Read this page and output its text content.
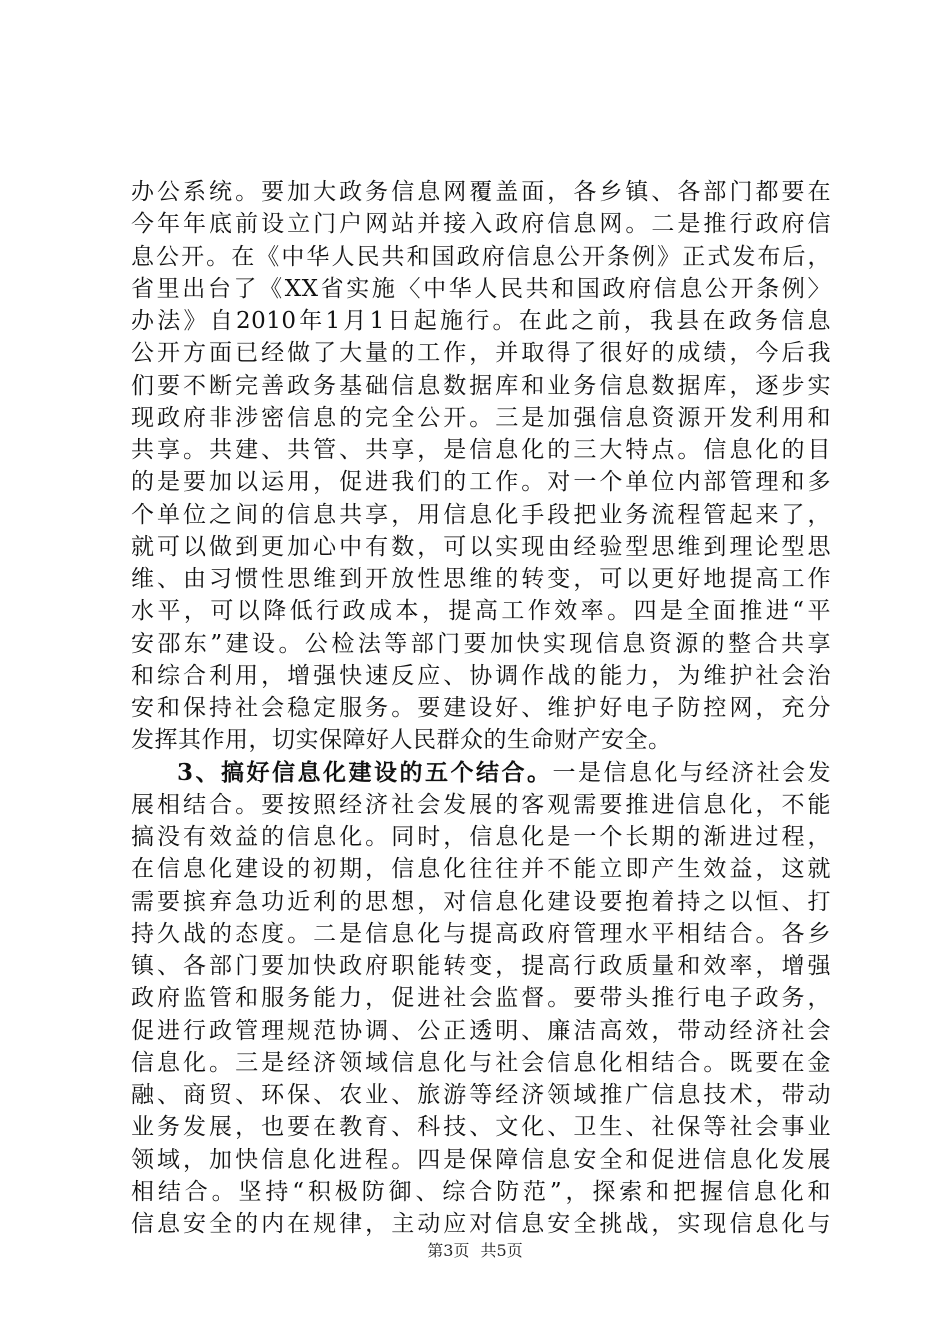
办公系统。要加大政务信息网覆盖面，各乡镇、各部门都要在
今年年底前设立门户网站并接入政府信息网。二是推行政府信
息公开。在《中华人民共和国政府信息公开条例》正式发布后，
省里出台了《XX省实施〈中华人民共和国政府信息公开条例〉
办法》自2010年1月1日起施行。在此之前，我县在政务信息
公开方面已经做了大量的工作，并取得了很好的成绩，今后我
们要不断完善政务基础信息数据库和业务信息数据库，逐步实
现政府非涉密信息的完全公开。三是加强信息资源开发利用和
共享。共建、共管、共享，是信息化的三大特点。信息化的目
的是要加以运用，促进我们的工作。对一个单位内部管理和多
个单位之间的信息共享，用信息化手段把业务流程管起来了，
就可以做到更加心中有数，可以实现由经验型思维到理论型思
维、由习惯性思维到开放性思维的转变，可以更好地提高工作
水平，可以降低行政成本，提高工作效率。四是全面推进“平
安邵东”建设。公检法等部门要加快实现信息资源的整合共享
和综合利用，增强快速反应、协调作战的能力，为维护社会治
安和保持社会稳定服务。要建设好、维护好电子防控网，充分
发挥其作用，切实保障好人民群众的生命财产安全。
3、搞好信息化建设的五个结合。一是信息化与经济社会发
展相结合。要按照经济社会发展的客观需要推进信息化，不能
搞没有效益的信息化。同时，信息化是一个长期的渐进过程，
在信息化建设的初期，信息化往往并不能立即产生效益，这就
需要摈弃急功近利的思想，对信息化建设要抱着持之以恒、打
持久战的态度。二是信息化与提高政府管理水平相结合。各乡
镇、各部门要加快政府职能转变，提高行政质量和效率，增强
政府监管和服务能力，促进社会监督。要带头推行电子政务，
促进行政管理规范协调、公正透明、廉洁高效，带动经济社会
信息化。三是经济领域信息化与社会信息化相结合。既要在金
融、商贸、环保、农业、旅游等经济领域推广信息技术，带动
业务发展，也要在教育、科技、文化、卫生、社保等社会事业
领域，加快信息化进程。四是保障信息安全和促进信息化发展
相结合。坚持“积极防御、综合防范”，探索和把握信息化和
信息安全的内在规律，主动应对信息安全挑战，实现信息化与
第3页 共5页
